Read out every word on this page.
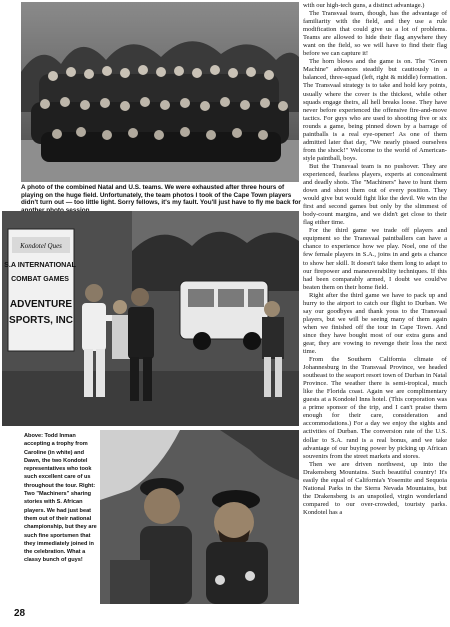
A photo of the combined Natal and U.S. teams. We were exhausted after three hours of playing on the huge field. Unfortunately, the team photos I took of the Cape Town players didn't turn out — too little light. Sorry fellows, it's my fault. You'll just have to fly me back for
Kondotel Ques
S.A INTERNATIONAL
COMBAT GAMES
ADVENTURE
SPORTS, INC
Above: Todd Inman accepting a trophy from Caroline (in white) and Dawn, the two Kondotel representatives who took such excellent care of us throughout the tour. Right: Two "Machiners" sharing stories with S. African players. We had just beat them out of their national championship, but they are such fine sportsmen that they immediately joined in the celebration. What a classy bunch of guys!

with our high-tech guns, a distinct advantage.)

The Transvaal team, though, has the advantage of familiarity with the field, and they use a rule modification that could give us a lot of problems. Teams are allowed to hide their flag anywhere they want on the field, so we will have to find their flag before we can capture it!

The horn blows and the game is on. The "Green Machine" advances steadily but cautiously in a balanced, three-squad (left, right & middle) formation. The Transvaal strategy is to take and hold key points, usually where the cover is the thickest, while other squads engage theirs, all hell breaks loose. They have never before experienced the offensive fire-and-move tactics. For guys who are used to shooting five or six rounds a game, being pinned down by a barrage of paintballs is a real eye-opener! As one of them admitted later that day, "We nearly pissed ourselves from the shock!" Welcome to the world of American-style paintball, boys.

But the Transvaal team is no pushover. They are experienced, fearless players, experts at concealment and deadly shots. The "Machiners" have to hunt them down and shoot them out of every position. They would give but would fight like the devil. We win the first and second games but only by the slimmest of body-count margins, and we didn't get close to their flag either time.

For the third game we trade off players and equipment so the Transvaal paintballers can have a chance to experience how we play. Noel, one of the few female players in S.A., joins in and gets a chance to show her skill. It doesn't take them long to adapt to our firepower and maneuverability techniques. If this had been comparably armed, I doubt we could've beaten them on their home field.

Right after the third game we have to pack up and hurry to the airport to catch our flight to Durban. We say our goodbyes and thank yous to the Transvaal players, but we will be seeing many of them again when we finished off the tour in Cape Town. And since they have bought most of our extra guns and gear, they are vowing to revenge their loss the next time.

From the Southern California climate of Johannesburg in the Transvaal Province, we headed southeast to the seaport resort town of Durban in Natal Province. The weather there is semi-tropical, much like the Florida coast. Again we are complimentary guests at a Kondotel Inns hotel. (This corporation was a prime sponsor of the trip, and I can't praise them enough for their care, consideration and accommodations.) For a day we enjoy the sights and activities of Durban. The conversion rate of the U.S. dollar to S.A. rand is a real bonus, and we take advantage of our buying power by picking up African souvenirs from the street markets and stores.

Then we are driven northwest, up into the Drakensberg Mountains. Such beautiful country! It's easily the equal of California's Yosemite and Sequoia National Parks in the Sierra Nevada Mountains, but the Drakensberg is an unspoiled, virgin wonderland compared to our over-crowded, touristy parks. Kondotel has a

28
